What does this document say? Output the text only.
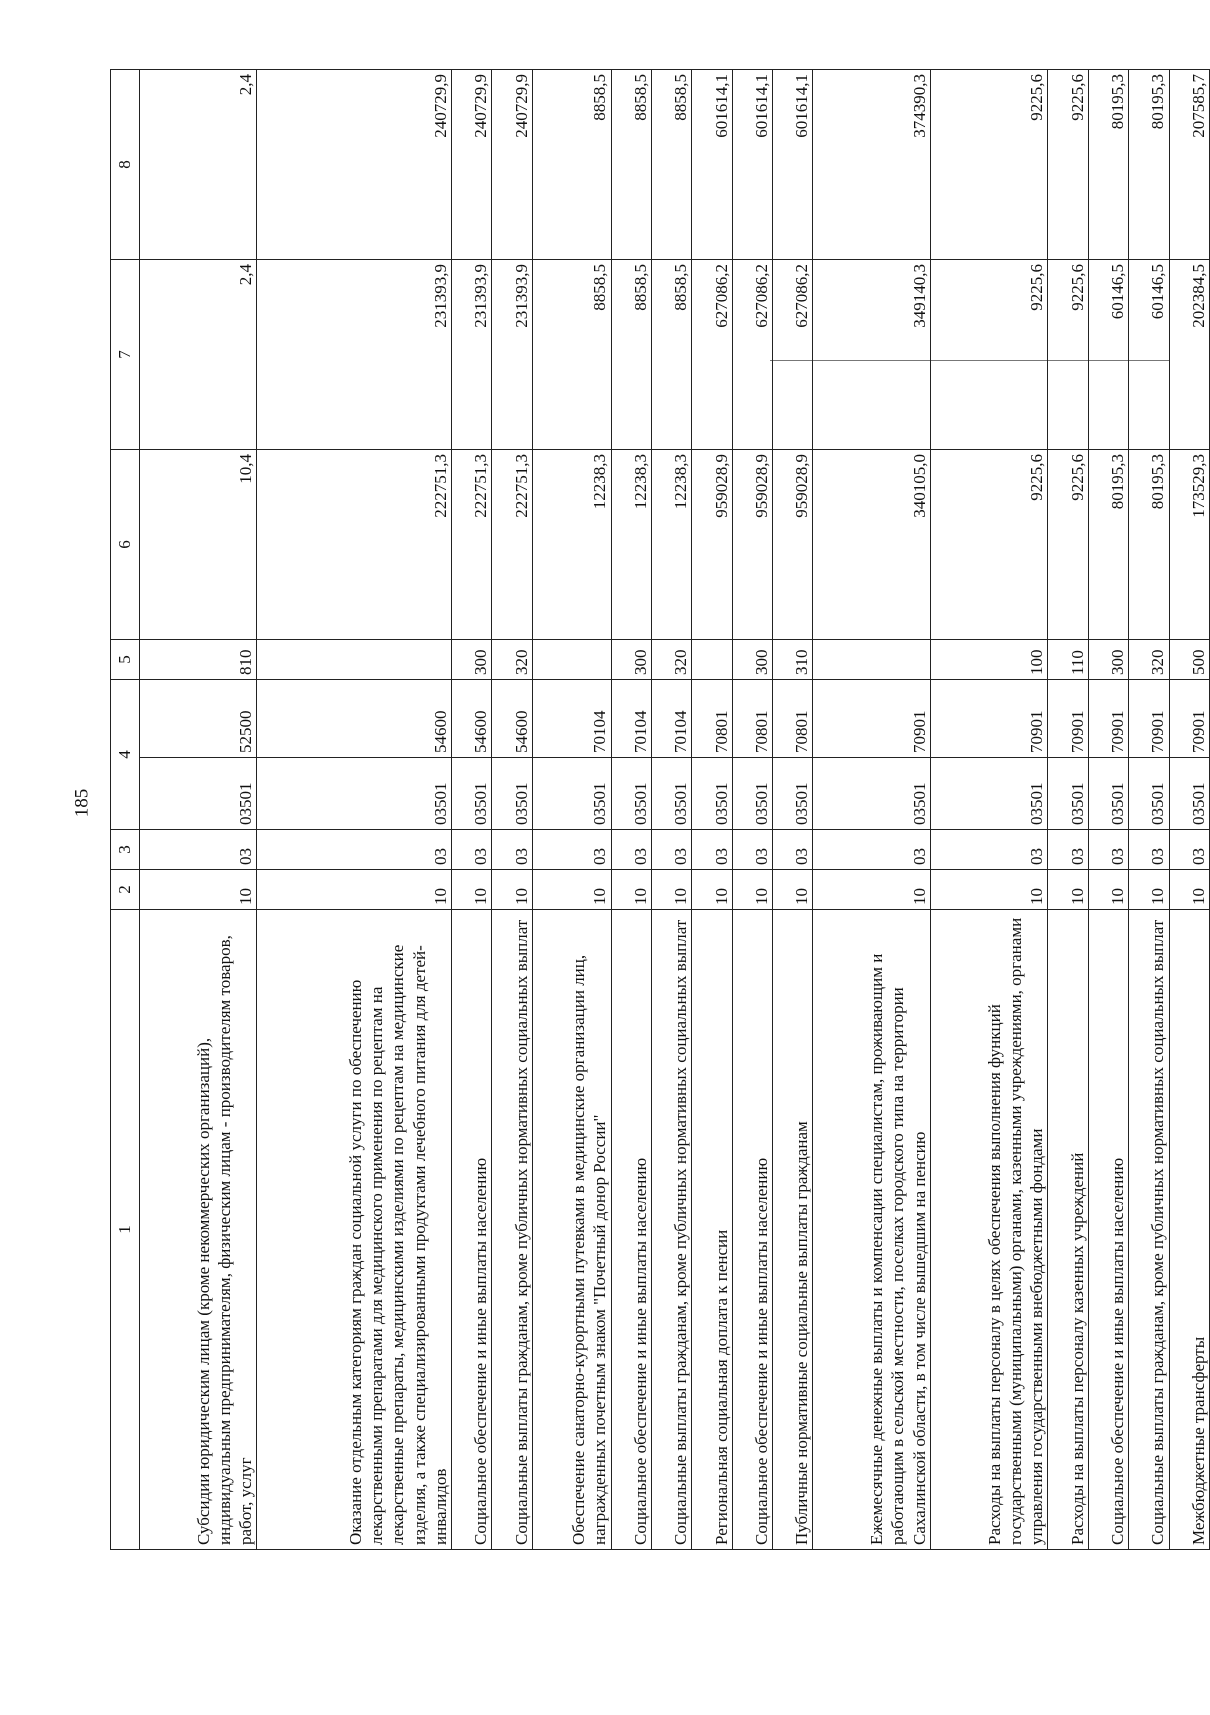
185
1	2	3	4		5	6	7	8
Субсидии юридическим лицам (кроме некоммерческих организаций), индивидуальным предпринимателям, физическим лицам - производителям товаров, работ, услуг	10	03	03501	52500	810	10,4	2,4	2,4
Оказание отдельным категориям граждан социальной услуги по обеспечению лекарственными препаратами для медицинского применения по рецептам на лекарственные препараты, медицинскими изделиями по рецептам на медицинские изделия, а также специализированными продуктами лечебного питания для детей-инвалидов	10	03	03501	54600		222751,3	231393,9	240729,9
Социальное обеспечение и иные выплаты населению	10	03	03501	54600	300	222751,3	231393,9	240729,9
Социальные выплаты гражданам, кроме публичных нормативных социальных выплат	10	03	03501	54600	320	222751,3	231393,9	240729,9
Обеспечение санаторно-курортными путевками в медицинские организации лиц, награжденных почетным знаком "Почетный донор России"	10	03	03501	70104		12238,3	8858,5	8858,5
Социальное обеспечение и иные выплаты населению	10	03	03501	70104	300	12238,3	8858,5	8858,5
Социальные выплаты гражданам, кроме публичных нормативных социальных выплат	10	03	03501	70104	320	12238,3	8858,5	8858,5
Региональная социальная доплата к пенсии	10	03	03501	70801		959028,9	627086,2	601614,1
Социальное обеспечение и иные выплаты населению	10	03	03501	70801	300	959028,9	627086,2	601614,1
Публичные нормативные социальные выплаты гражданам	10	03	03501	70801	310	959028,9	627086,2	601614,1
Ежемесячные денежные выплаты и компенсации специалистам, проживающим и работающим в сельской местности, поселках городского типа на территории Сахалинской области, в том числе вышедшим на пенсию	10	03	03501	70901		340105,0	349140,3	374390,3
Расходы на выплаты персоналу в целях обеспечения выполнения функций государственными (муниципальными) органами, казенными учреждениями, органами управления государственными внебюджетными фондами	10	03	03501	70901	100	9225,6	9225,6	9225,6
Расходы на выплаты персоналу казенных учреждений	10	03	03501	70901	110	9225,6	9225,6	9225,6
Социальное обеспечение и иные выплаты населению	10	03	03501	70901	300	80195,3	60146,5	80195,3
Социальные выплаты гражданам, кроме публичных нормативных социальных выплат	10	03	03501	70901	320	80195,3	60146,5	80195,3
Межбюджетные трансферты	10	03	03501	70901	500	173529,3	202384,5	207585,7
